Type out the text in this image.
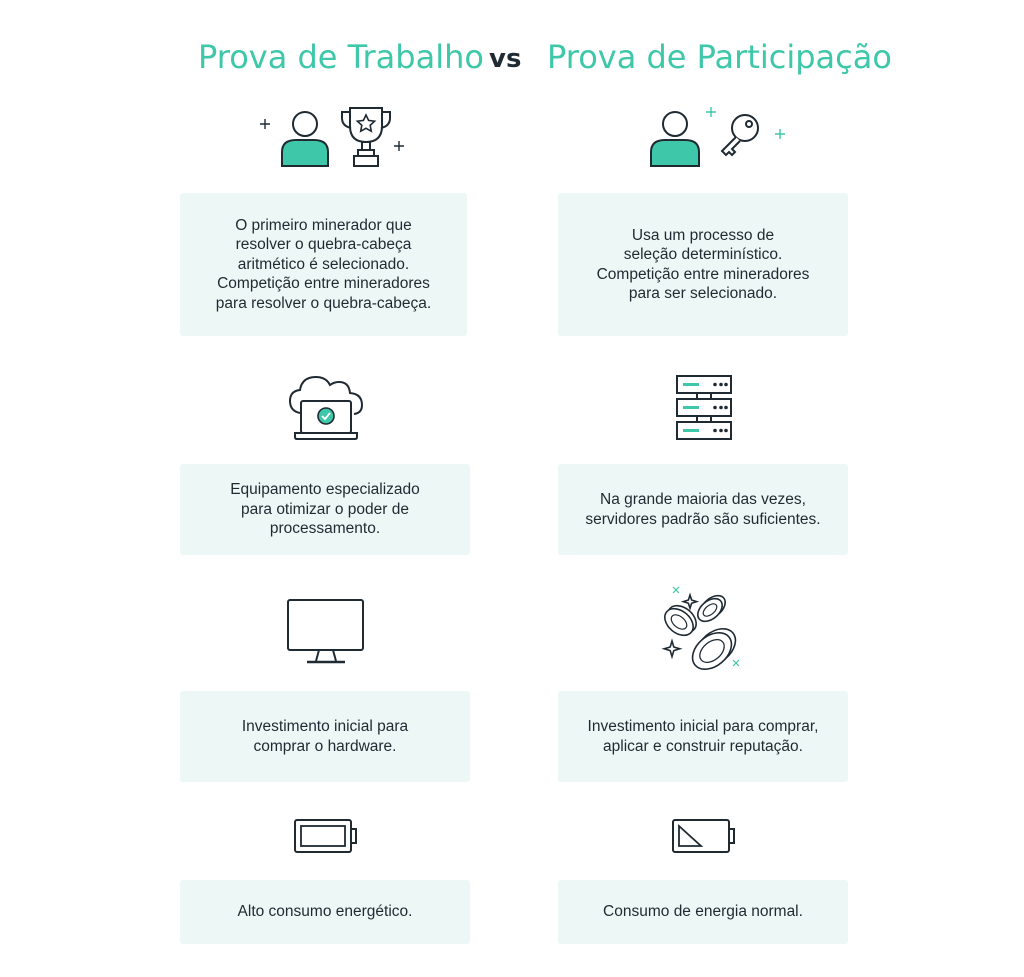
Prova de Trabalho vs Prova de Participação
O primeiro minerador que
resolver o quebra-cabeça
aritmético é selecionado.
Competição entre mineradores
para resolver o quebra-cabeça.
Usa um processo de
seleção determinístico.
Competição entre mineradores
para ser selecionado.
Equipamento especializado
para otimizar o poder de
processamento.
Na grande maioria das vezes,
servidores padrão são suficientes.
Investimento inicial para
comprar o hardware.
Investimento inicial para comprar,
aplicar e construir reputação.
Alto consumo energético.	Consumo de energia normal.
